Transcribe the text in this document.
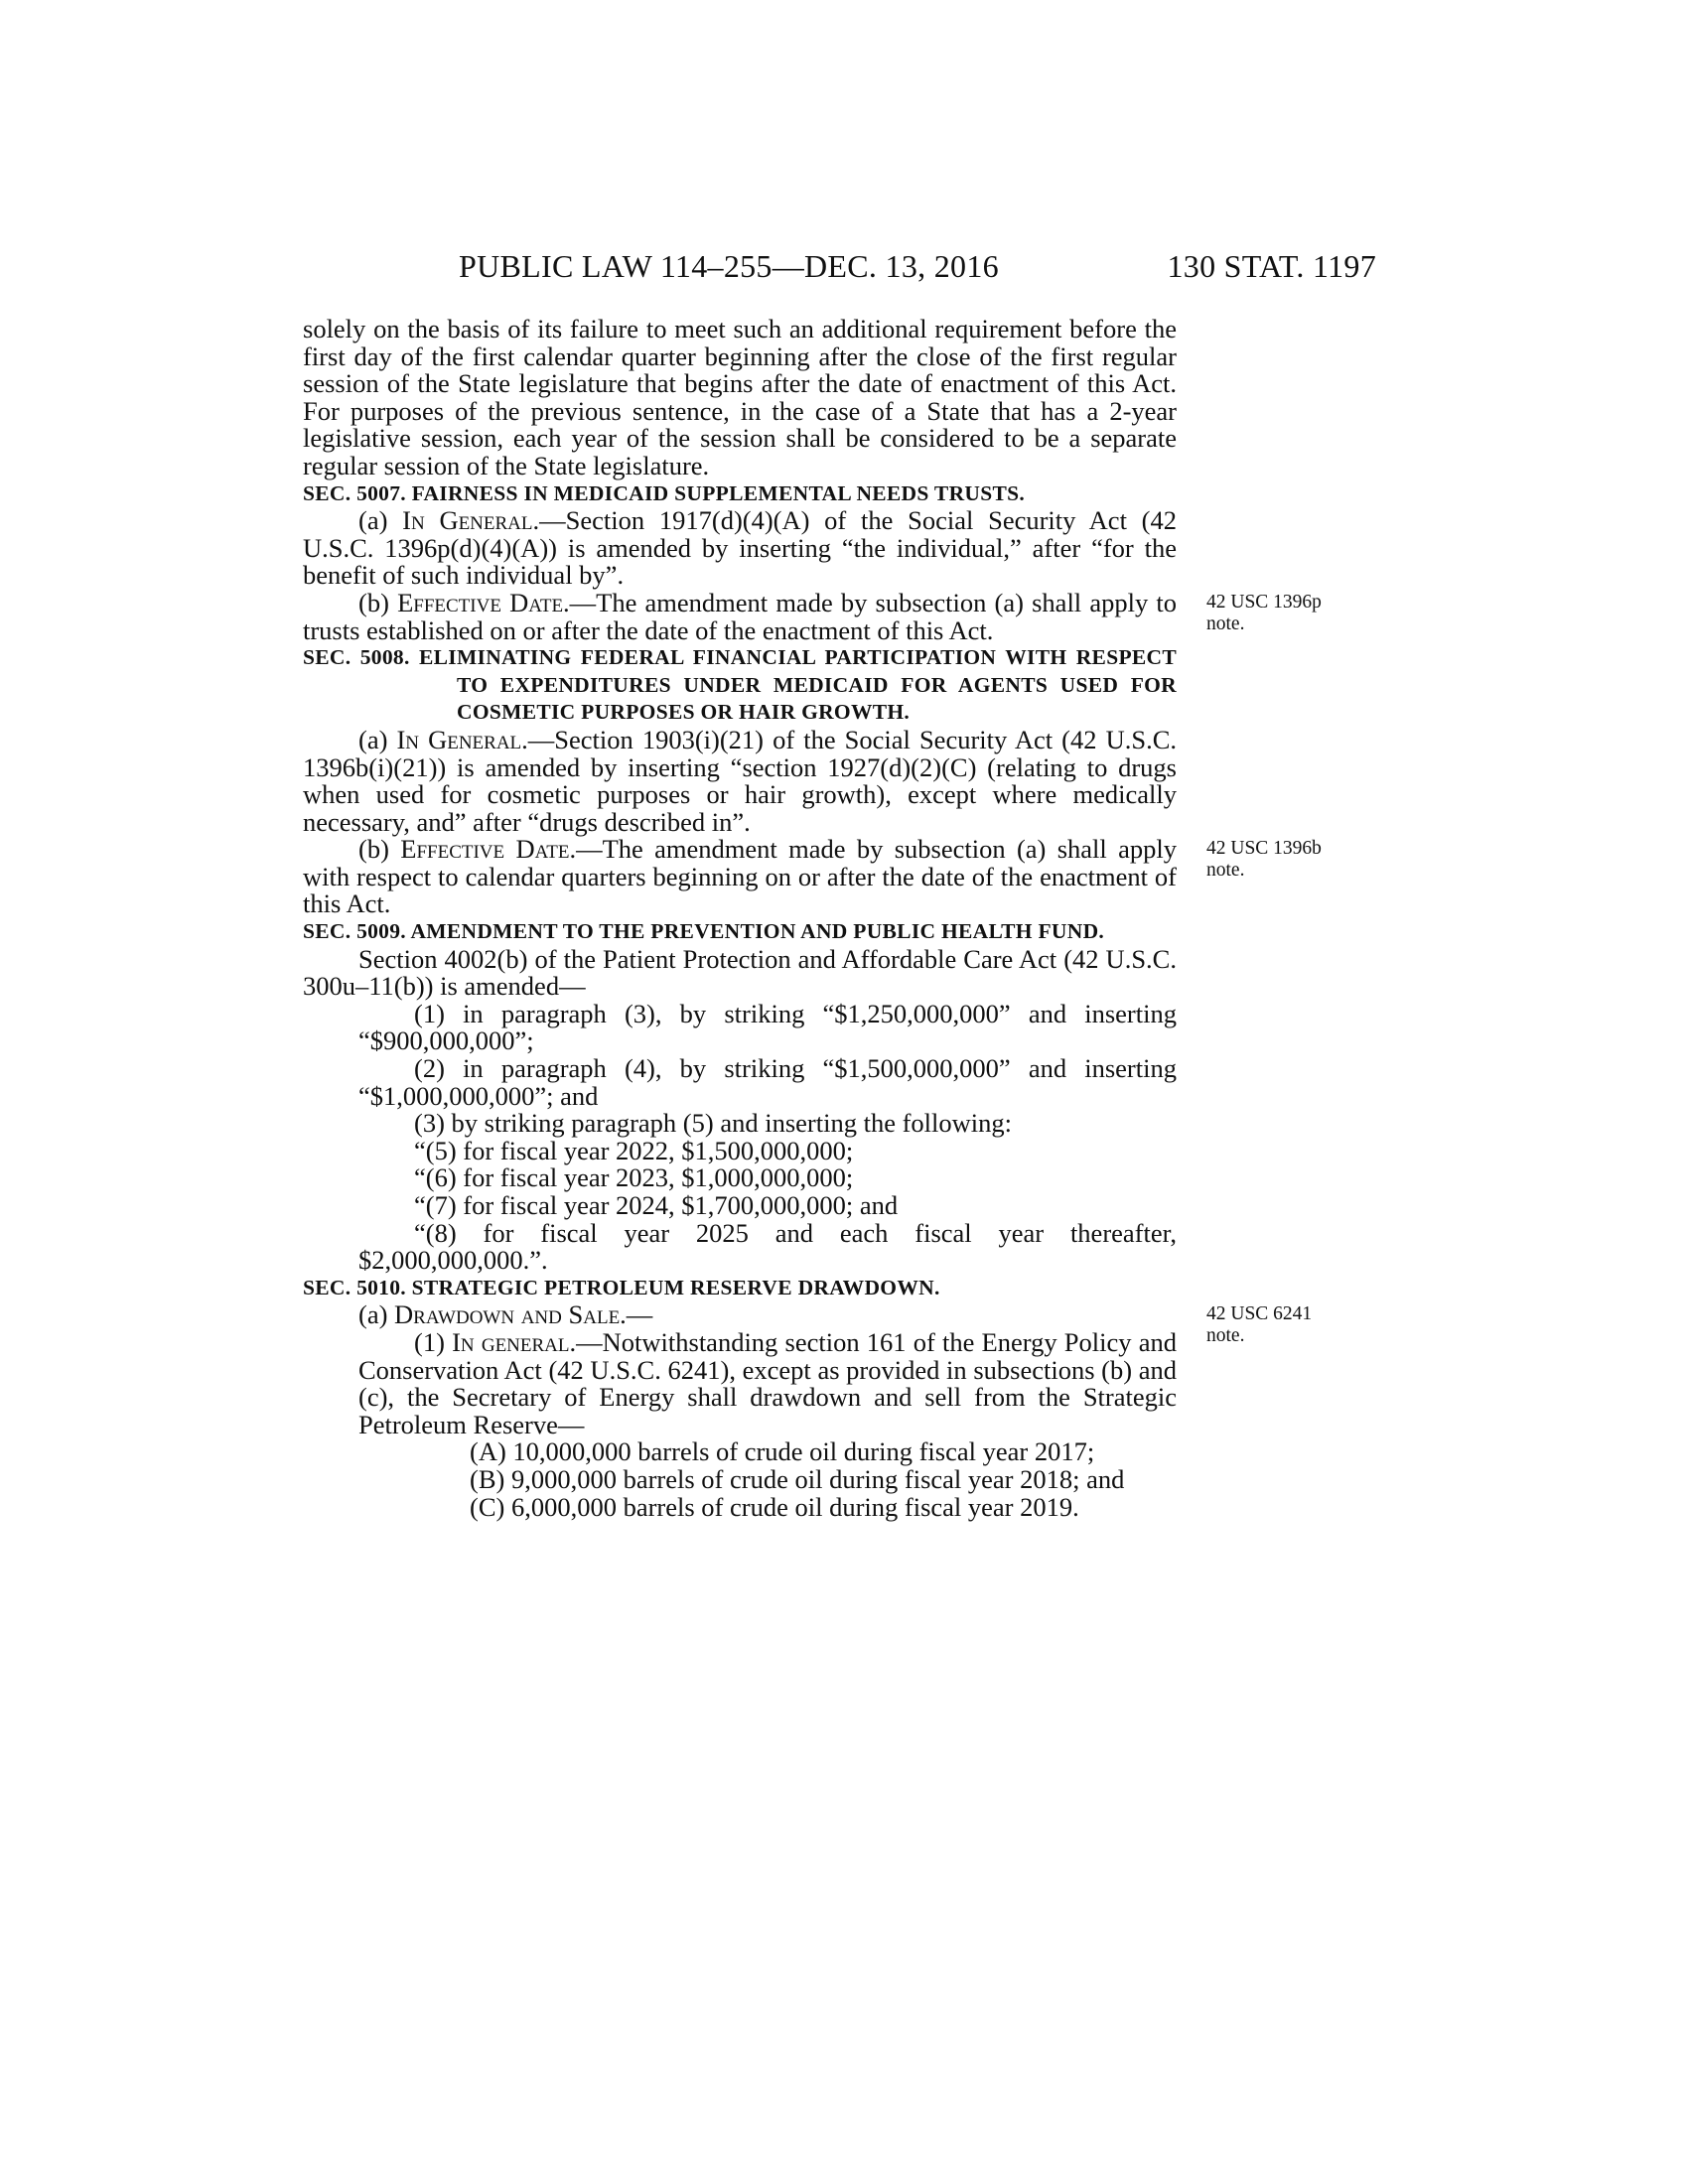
PUBLIC LAW 114–255—DEC. 13, 2016	130 STAT. 1197

solely on the basis of its failure to meet such an additional requirement before the first day of the first calendar quarter beginning after the close of the first regular session of the State legislature that begins after the date of enactment of this Act. For purposes of the previous sentence, in the case of a State that has a 2-year legislative session, each year of the session shall be considered to be a separate regular session of the State legislature.

SEC. 5007. FAIRNESS IN MEDICAID SUPPLEMENTAL NEEDS TRUSTS.

(a) In General.—Section 1917(d)(4)(A) of the Social Security Act (42 U.S.C. 1396p(d)(4)(A)) is amended by inserting “the individual,” after “for the benefit of such individual by”.

(b) Effective Date.—The amendment made by subsection (a) shall apply to trusts established on or after the date of the enactment of this Act.

42 USC 1396p
note.

SEC. 5008. ELIMINATING FEDERAL FINANCIAL PARTICIPATION WITH RESPECT TO EXPENDITURES UNDER MEDICAID FOR AGENTS USED FOR COSMETIC PURPOSES OR HAIR GROWTH.

(a) In General.—Section 1903(i)(21) of the Social Security Act (42 U.S.C. 1396b(i)(21)) is amended by inserting “section 1927(d)(2)(C) (relating to drugs when used for cosmetic purposes or hair growth), except where medically necessary, and” after “drugs described in”.

(b) Effective Date.—The amendment made by subsection (a) shall apply with respect to calendar quarters beginning on or after the date of the enactment of this Act.

42 USC 1396b
note.

SEC. 5009. AMENDMENT TO THE PREVENTION AND PUBLIC HEALTH FUND.

Section 4002(b) of the Patient Protection and Affordable Care Act (42 U.S.C. 300u–11(b)) is amended—

(1) in paragraph (3), by striking “$1,250,000,000” and inserting “$900,000,000”;

(2) in paragraph (4), by striking “$1,500,000,000” and inserting “$1,000,000,000”; and

(3) by striking paragraph (5) and inserting the following:

“(5) for fiscal year 2022, $1,500,000,000;

“(6) for fiscal year 2023, $1,000,000,000;

“(7) for fiscal year 2024, $1,700,000,000; and

“(8) for fiscal year 2025 and each fiscal year thereafter, $2,000,000,000.”.

SEC. 5010. STRATEGIC PETROLEUM RESERVE DRAWDOWN.

42 USC 6241
note.

(a) Drawdown and Sale.—

(1) In general.—Notwithstanding section 161 of the Energy Policy and Conservation Act (42 U.S.C. 6241), except as provided in subsections (b) and (c), the Secretary of Energy shall drawdown and sell from the Strategic Petroleum Reserve—

(A) 10,000,000 barrels of crude oil during fiscal year 2017;

(B) 9,000,000 barrels of crude oil during fiscal year 2018; and

(C) 6,000,000 barrels of crude oil during fiscal year 2019.
